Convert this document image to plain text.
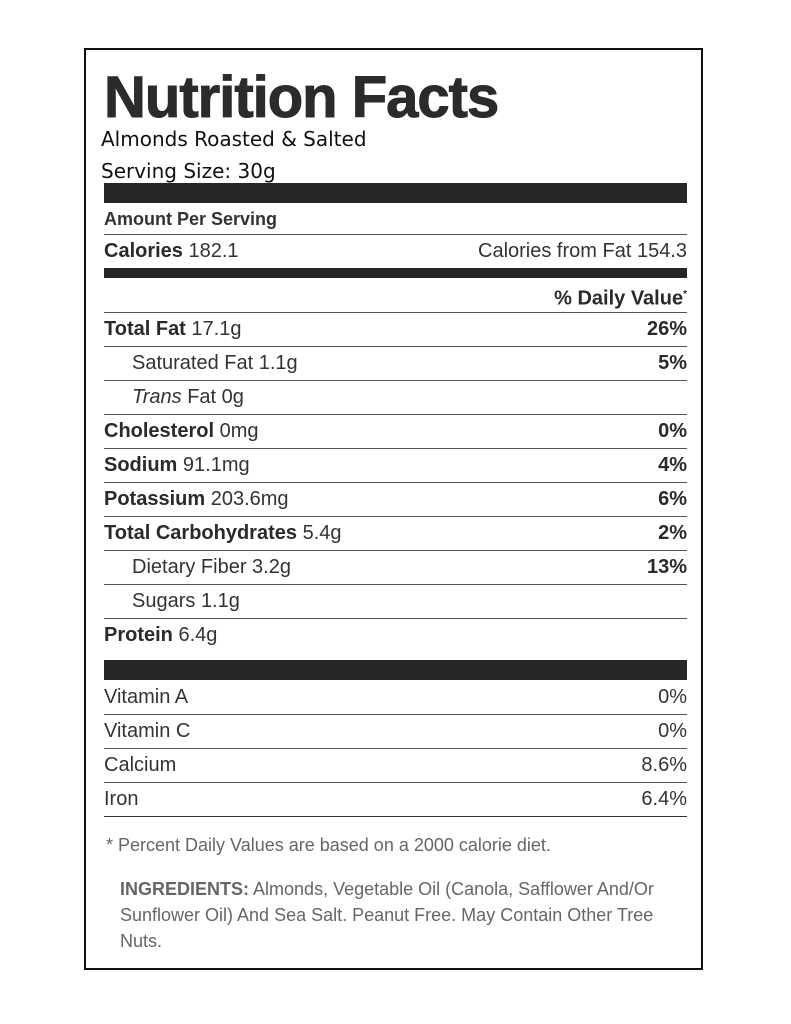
Nutrition Facts
Almonds Roasted & Salted
Serving Size: 30g
Amount Per Serving
Calories 182.1	Calories from Fat 154.3
% Daily Value*
Total Fat 17.1g	26%
Saturated Fat 1.1g	5%
Trans Fat 0g
Cholesterol 0mg	0%
Sodium 91.1mg	4%
Potassium 203.6mg	6%
Total Carbohydrates 5.4g	2%
Dietary Fiber 3.2g	13%
Sugars 1.1g
Protein 6.4g
Vitamin A	0%
Vitamin C	0%
Calcium	8.6%
Iron	6.4%
* Percent Daily Values are based on a 2000 calorie diet.
INGREDIENTS: Almonds, Vegetable Oil (Canola, Safflower And/Or Sunflower Oil) And Sea Salt. Peanut Free. May Contain Other Tree Nuts.
